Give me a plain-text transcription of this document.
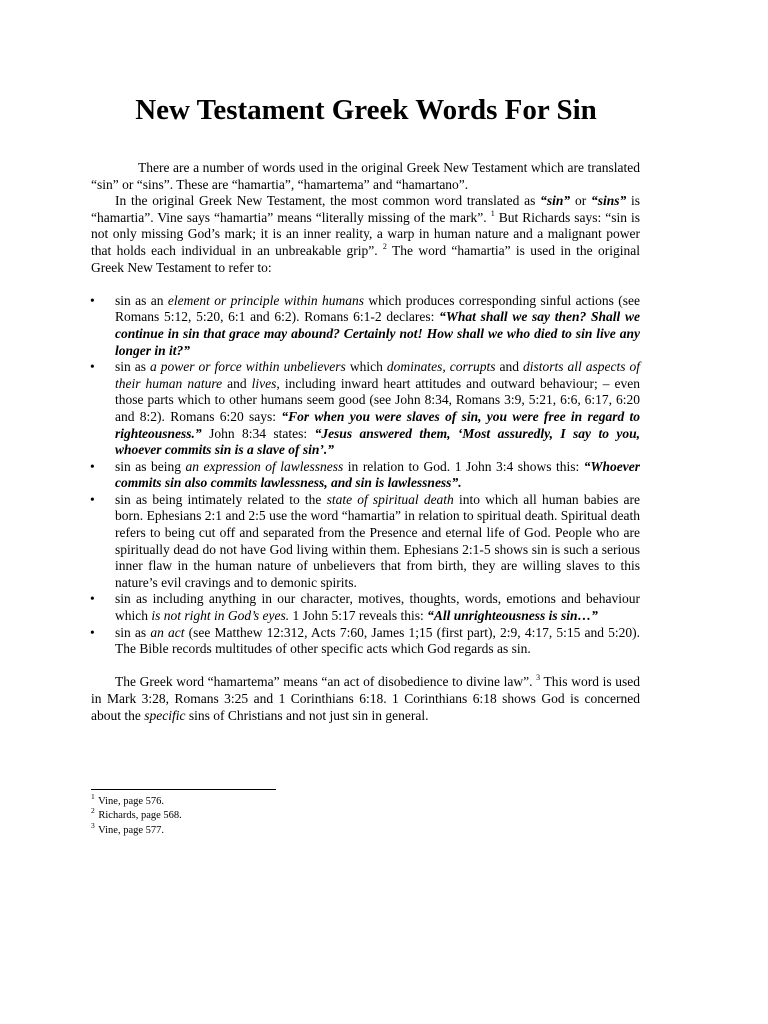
New Testament Greek Words For Sin

There are a number of words used in the original Greek New Testament which are translated “sin” or “sins”. These are “hamartia”, “hamartema” and “hamartano”.

In the original Greek New Testament, the most common word translated as “sin” or “sins” is “hamartia”. Vine says “hamartia” means “literally missing of the mark”. $^1$ But Richards says: “sin is not only missing God’s mark; it is an inner reality, a warp in human nature and a malignant power that holds each individual in an unbreakable grip”. $^2$ The word “hamartia” is used in the original Greek New Testament to refer to:

• sin as an element or principle within humans which produces corresponding sinful actions (see Romans 5:12, 5:20, 6:1 and 6:2). Romans 6:1-2 declares: “What shall we say then? Shall we continue in sin that grace may abound? Certainly not! How shall we who died to sin live any longer in it?”
• sin as a power or force within unbelievers which dominates, corrupts and distorts all aspects of their human nature and lives, including inward heart attitudes and outward behaviour; – even those parts which to other humans seem good (see John 8:34, Romans 3:9, 5:21, 6:6, 6:17, 6:20 and 8:2). Romans 6:20 says: “For when you were slaves of sin, you were free in regard to righteousness.” John 8:34 states: “Jesus answered them, ‘Most assuredly, I say to you, whoever commits sin is a slave of sin’.”
• sin as being an expression of lawlessness in relation to God. 1 John 3:4 shows this: “Whoever commits sin also commits lawlessness, and sin is lawlessness”.
• sin as being intimately related to the state of spiritual death into which all human babies are born. Ephesians 2:1 and 2:5 use the word “hamartia” in relation to spiritual death. Spiritual death refers to being cut off and separated from the Presence and eternal life of God. People who are spiritually dead do not have God living within them. Ephesians 2:1-5 shows sin is such a serious inner flaw in the human nature of unbelievers that from birth, they are willing slaves to this nature’s evil cravings and to demonic spirits.
• sin as including anything in our character, motives, thoughts, words, emotions and behaviour which is not right in God’s eyes. 1 John 5:17 reveals this: “All unrighteousness is sin…”
• sin as an act (see Matthew 12:312, Acts 7:60, James 1;15 (first part), 2:9, 4:17, 5:15 and 5:20). The Bible records multitudes of other specific acts which God regards as sin.

The Greek word “hamartema” means “an act of disobedience to divine law”. $^3$ This word is used in Mark 3:28, Romans 3:25 and 1 Corinthians 6:18. 1 Corinthians 6:18 shows God is concerned about the specific sins of Christians and not just sin in general.

$^1$ Vine, page 576.
$^2$ Richards, page 568.
$^3$ Vine, page 577.
